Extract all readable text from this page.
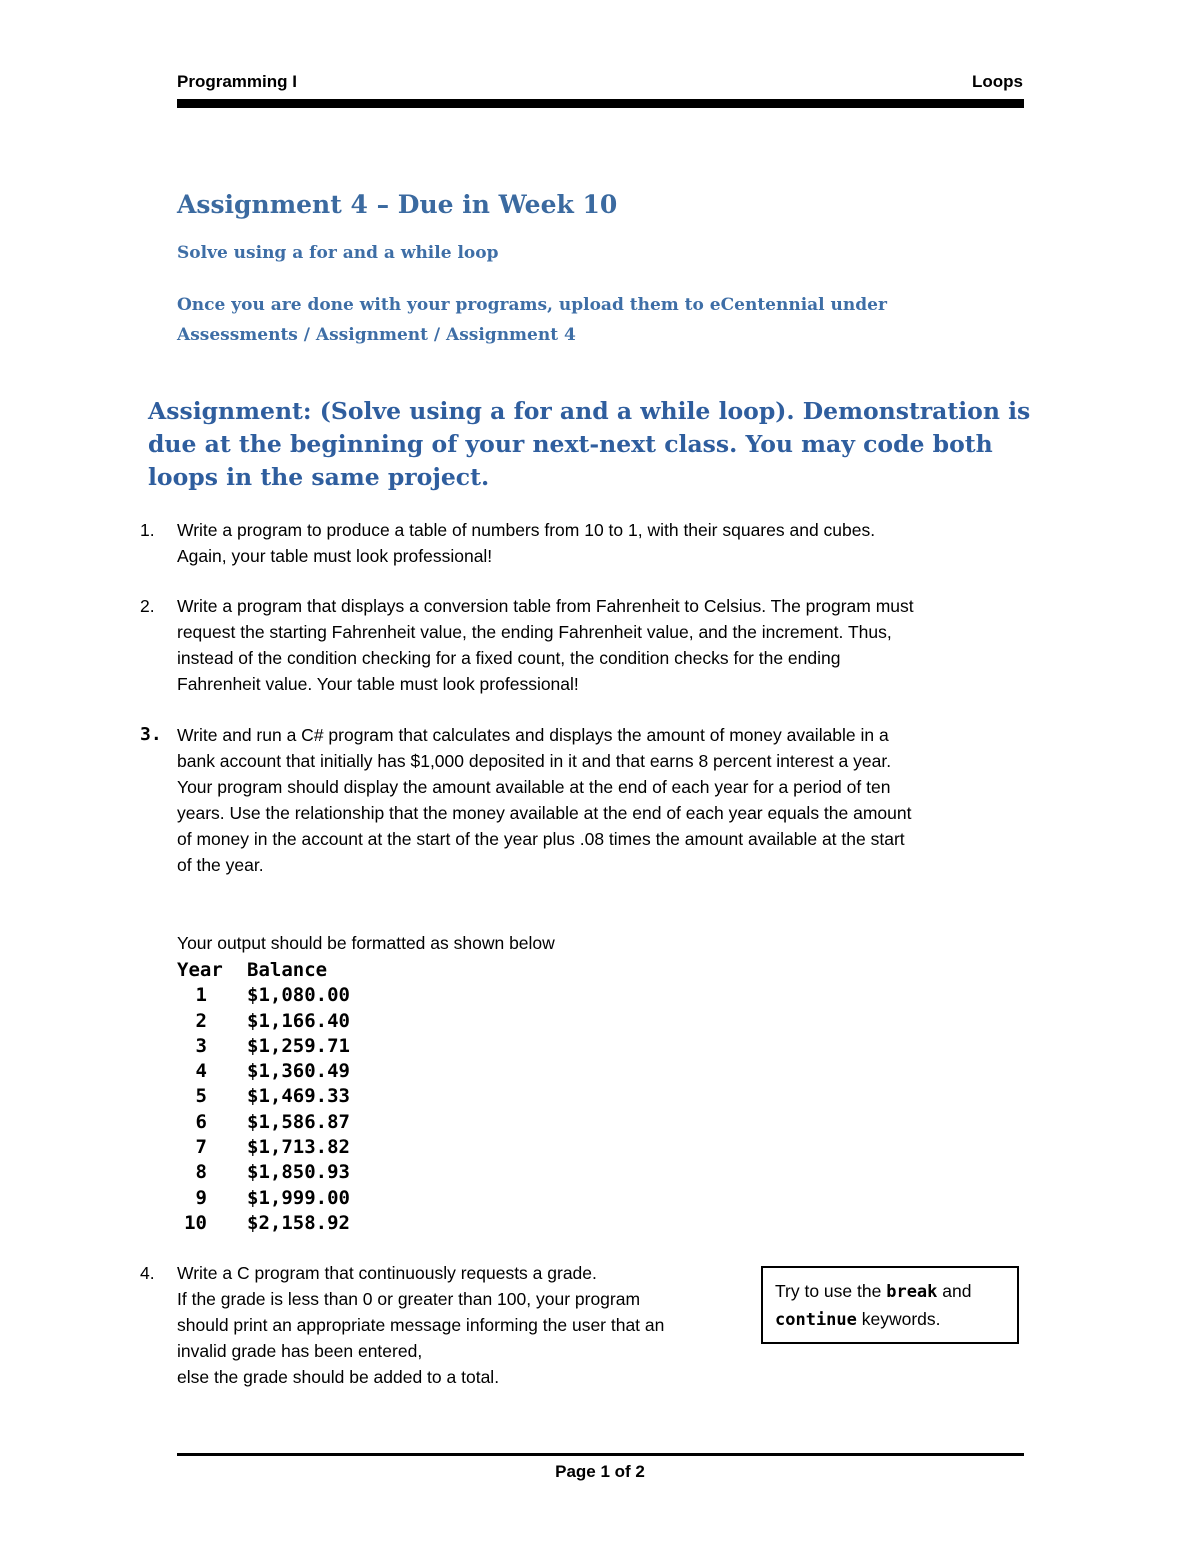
Programming I	Loops
Assignment 4 – Due in Week 10
Solve using a for and a while loop
Once you are done with your programs, upload them to eCentennial under
Assessments / Assignment / Assignment 4
Assignment: (Solve using a for and a while loop). Demonstration is due at the beginning of your next-next class. You may code both loops in the same project.
1. Write a program to produce a table of numbers from 10 to 1, with their squares and cubes.
Again, your table must look professional!
2. Write a program that displays a conversion table from Fahrenheit to Celsius. The program must
request the starting Fahrenheit value, the ending Fahrenheit value, and the increment. Thus,
instead of the condition checking for a fixed count, the condition checks for the ending
Fahrenheit value. Your table must look professional!
3. Write and run a C# program that calculates and displays the amount of money available in a
bank account that initially has $1,000 deposited in it and that earns 8 percent interest a year.
Your program should display the amount available at the end of each year for a period of ten
years. Use the relationship that the money available at the end of each year equals the amount
of money in the account at the start of the year plus .08 times the amount available at the start
of the year.
Your output should be formatted as shown below
Year	Balance
1	$1,080.00
2	$1,166.40
3	$1,259.71
4	$1,360.49
5	$1,469.33
6	$1,586.87
7	$1,713.82
8	$1,850.93
9	$1,999.00
10	$2,158.92
4. Write a C program that continuously requests a grade.
If the grade is less than 0 or greater than 100, your program
should print an appropriate message informing the user that an
invalid grade has been entered,
else the grade should be added to a total.
Try to use the break and
continue keywords.
Page 1 of 2
